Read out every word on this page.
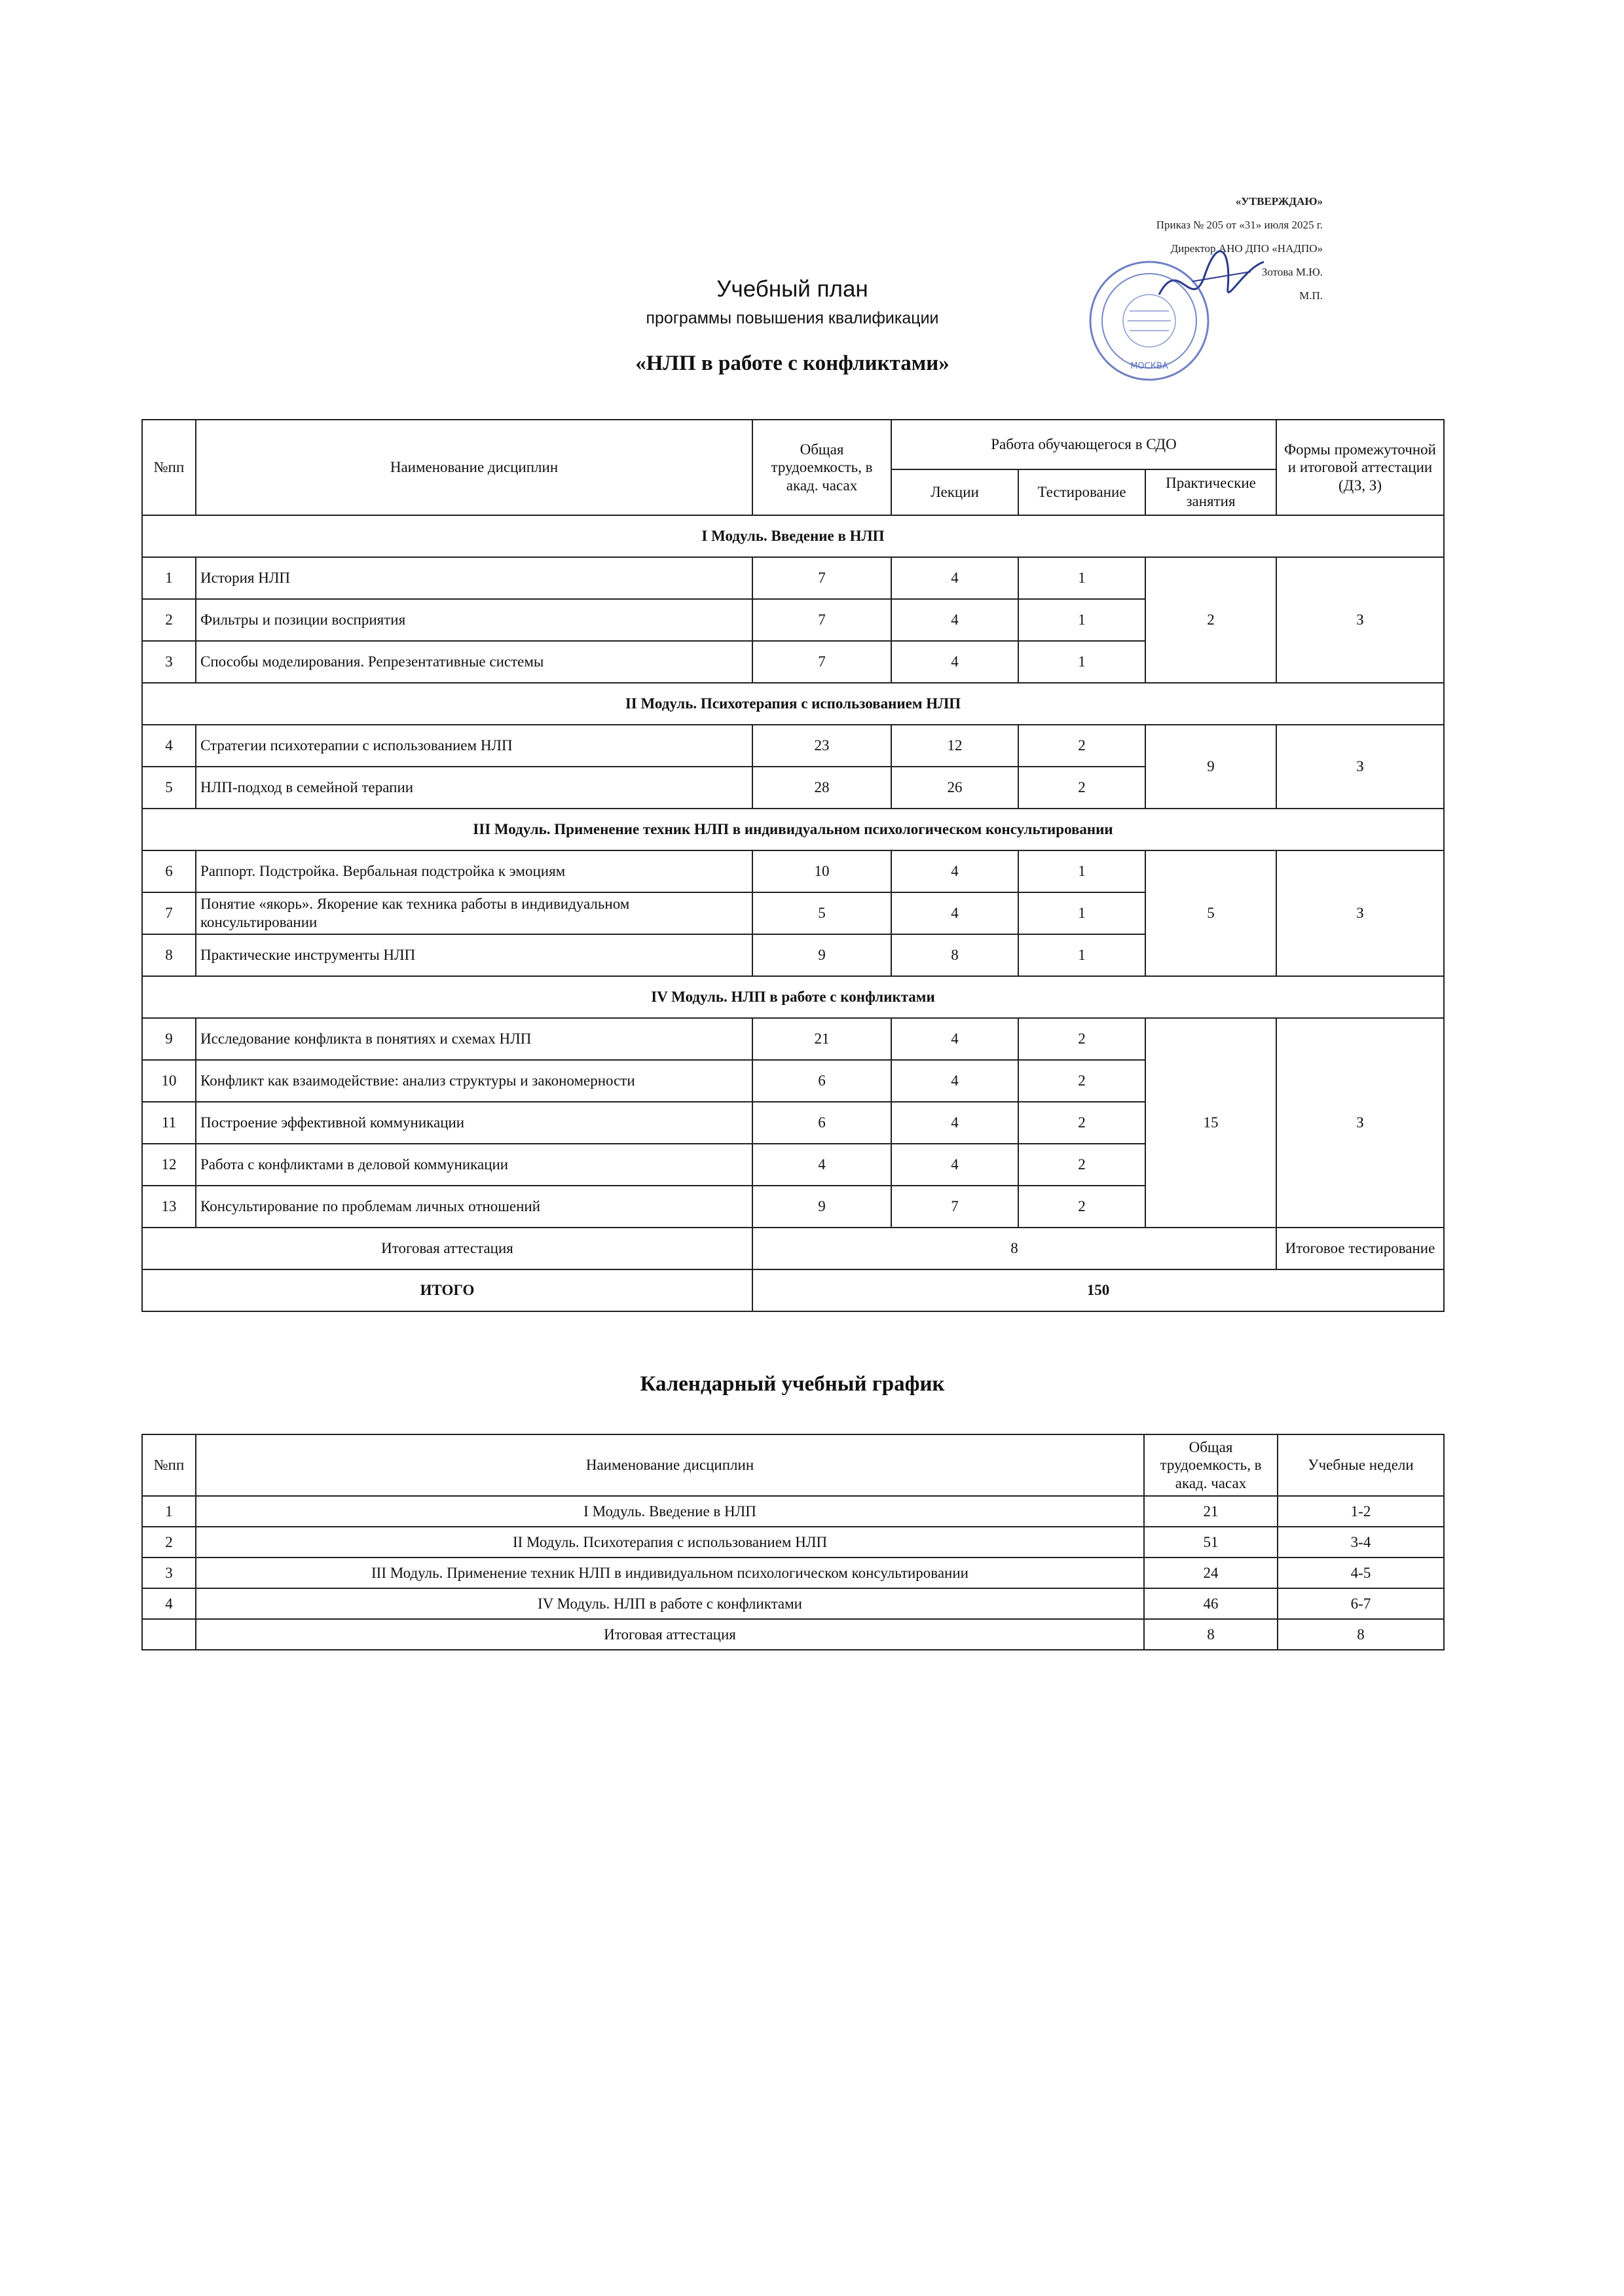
«УТВЕРЖДАЮ»
Приказ № 205 от «31» июля 2025 г.
Директор АНО ДПО «НАДПО»
Зотова М.Ю.
М.П.
МОСКВА
Учебный план
программы повышения квалификации
«НЛП в работе с конфликтами»
№пп	Наименование дисциплин	Общая трудоемкость, в акад. часах	Работа обучающегося в СДО			Формы промежуточной и итоговой аттестации (ДЗ, З)
			Лекции	Тестирование	Практические занятия	
I Модуль. Введение в НЛП						
1	История НЛП	7	4	1	2	З
2	Фильтры и позиции восприятия	7	4	1		
3	Способы моделирования. Репрезентативные системы	7	4	1		
II Модуль. Психотерапия с использованием НЛП						
4	Стратегии психотерапии с использованием НЛП	23	12	2	9	З
5	НЛП-подход в семейной терапии	28	26	2		
III Модуль. Применение техник НЛП в индивидуальном психологическом консультировании						
6	Раппорт. Подстройка. Вербальная подстройка к эмоциям	10	4	1	5	З
7	Понятие «якорь». Якорение как техника работы в индивидуальном консультировании	5	4	1		
8	Практические инструменты НЛП	9	8	1		
IV Модуль. НЛП в работе с конфликтами						
9	Исследование конфликта в понятиях и схемах НЛП	21	4	2	15	З
10	Конфликт как взаимодействие: анализ структуры и закономерности	6	4	2		
11	Построение эффективной коммуникации	6	4	2		
12	Работа с конфликтами в деловой коммуникации	4	4	2		
13	Консультирование по проблемам личных отношений	9	7	2		
Итоговая аттестация		8				Итоговое тестирование
ИТОГО		150				
Календарный учебный график
№пп	Наименование дисциплин	Общая трудоемкость, в акад. часах	Учебные недели
1	I Модуль. Введение в НЛП	21	1-2
2	II Модуль. Психотерапия с использованием НЛП	51	3-4
3	III Модуль. Применение техник НЛП в индивидуальном психологическом консультировании	24	4-5
4	IV Модуль. НЛП в работе с конфликтами	46	6-7
	Итоговая аттестация	8	8
